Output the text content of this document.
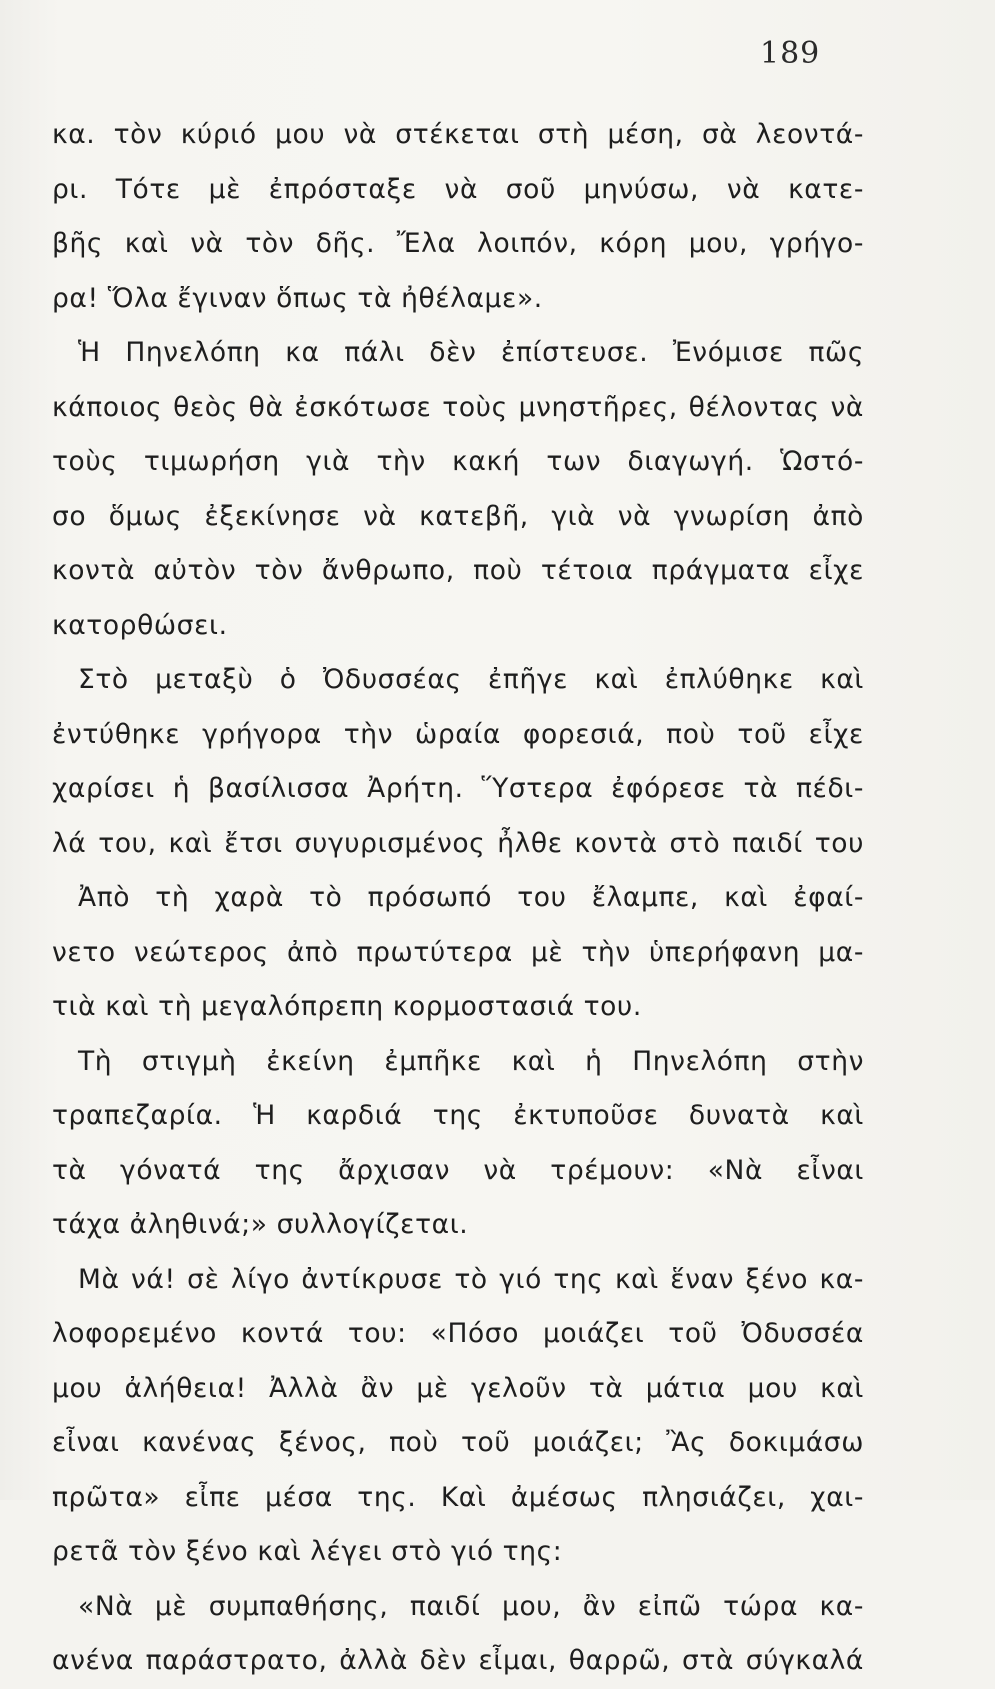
189
κα. τὸν κύριό μου νὰ στέκεται στὴ μέση, σὰ λεοντά-
ρι. Τότε μὲ ἐπρόσταξε νὰ σοῦ μηνύσω, νὰ κατε-
βῆς καὶ νὰ τὸν δῆς. Ἔλα λοιπόν, κόρη μου, γρήγο-
ρα! Ὅλα ἔγιναν ὅπως τὰ ἠθέλαμε».
Ἡ Πηνελόπη κα πάλι δὲν ἐπίστευσε. Ἐνόμισε πῶς
κάποιος θεὸς θὰ ἐσκότωσε τοὺς μνηστῆρες, θέλοντας νὰ
τοὺς τιμωρήση γιὰ τὴν κακή των διαγωγή. Ὡστό-
σο ὅμως ἐξεκίνησε νὰ κατεβῆ, γιὰ νὰ γνωρίση ἀπὸ
κοντὰ αὐτὸν τὸν ἄνθρωπο, ποὺ τέτοια πράγματα εἶχε
κατορθώσει.
Στὸ μεταξὺ ὁ Ὀδυσσέας ἐπῆγε καὶ ἐπλύθηκε καὶ
ἐντύθηκε γρήγορα τὴν ὡραία φορεσιά, ποὺ τοῦ εἶχε
χαρίσει ἡ βασίλισσα Ἀρήτη. Ὕστερα ἐφόρεσε τὰ πέδι-
λά του, καὶ ἔτσι συγυρισμένος ἦλθε κοντὰ στὸ παιδί του
Ἀπὸ τὴ χαρὰ τὸ πρόσωπό του ἔλαμπε, καὶ ἐφαί-
νετο νεώτερος ἀπὸ πρωτύτερα μὲ τὴν ὑπερήφανη μα-
τιὰ καὶ τὴ μεγαλόπρεπη κορμοστασιά του.
Τὴ στιγμὴ ἐκείνη ἐμπῆκε καὶ ἡ Πηνελόπη στὴν
τραπεζαρία. Ἡ καρδιά της ἐκτυποῦσε δυνατὰ καὶ
τὰ γόνατά της ἄρχισαν νὰ τρέμουν: «Νὰ εἶναι
τάχα ἀληθινά;» συλλογίζεται.
Μὰ νά! σὲ λίγο ἀντίκρυσε τὸ γιό της καὶ ἕναν ξένο κα-
λοφορεμένο κοντά του: «Πόσο μοιάζει τοῦ Ὀδυσσέα
μου ἀλήθεια! Ἀλλὰ ἂν μὲ γελοῦν τὰ μάτια μου καὶ
εἶναι κανένας ξένος, ποὺ τοῦ μοιάζει; Ἂς δοκιμάσω
πρῶτα» εἶπε μέσα της. Καὶ ἀμέσως πλησιάζει, χαι-
ρετᾶ τὸν ξένο καὶ λέγει στὸ γιό της:
«Νὰ μὲ συμπαθήσης, παιδί μου, ἂν εἰπῶ τώρα κα-
ανένα παράστρατο, ἀλλὰ δὲν εἶμαι, θαρρῶ, στὰ σύγκαλά
